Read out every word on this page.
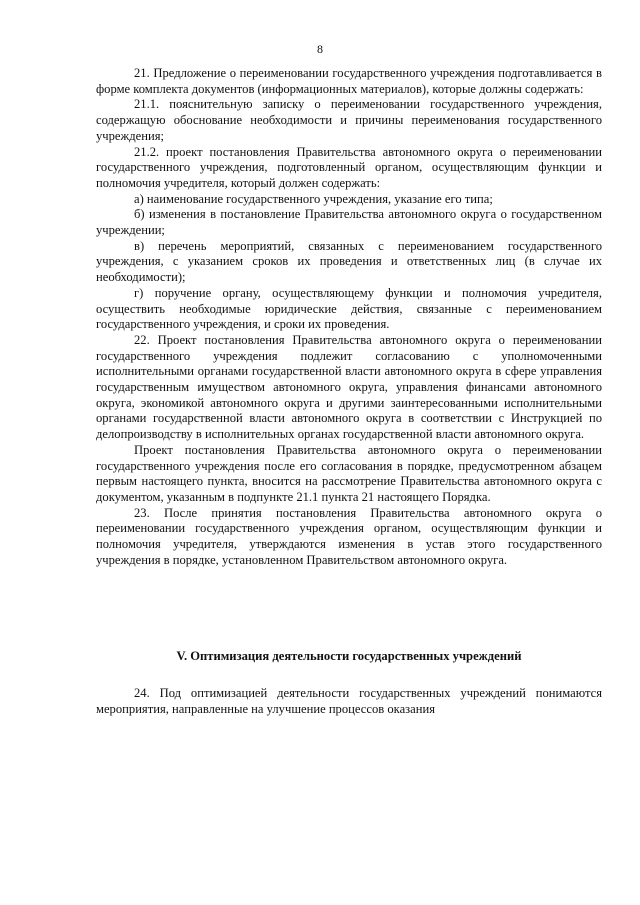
8

21. Предложение о переименовании государственного учреждения подготавливается в форме комплекта документов (информационных материалов), которые должны содержать:

21.1. пояснительную записку о переименовании государственного учреждения, содержащую обоснование необходимости и причины переименования государственного учреждения;

21.2. проект постановления Правительства автономного округа о переименовании государственного учреждения, подготовленный органом, осуществляющим функции и полномочия учредителя, который должен содержать:

а) наименование государственного учреждения, указание его типа;

б) изменения в постановление Правительства автономного округа о государственном учреждении;

в) перечень мероприятий, связанных с переименованием государственного учреждения, с указанием сроков их проведения и ответственных лиц (в случае их необходимости);

г) поручение органу, осуществляющему функции и полномочия учредителя, осуществить необходимые юридические действия, связанные с переименованием государственного учреждения, и сроки их проведения.

22. Проект постановления Правительства автономного округа о переименовании государственного учреждения подлежит согласованию с уполномоченными исполнительными органами государственной власти автономного округа в сфере управления государственным имуществом автономного округа, управления финансами автономного округа, экономикой автономного округа и другими заинтересованными исполнительными органами государственной власти автономного округа в соответствии с Инструкцией по делопроизводству в исполнительных органах государственной власти автономного округа.

Проект постановления Правительства автономного округа о переименовании государственного учреждения после его согласования в порядке, предусмотренном абзацем первым настоящего пункта, вносится на рассмотрение Правительства автономного округа с документом, указанным в подпункте 21.1 пункта 21 настоящего Порядка.

23. После принятия постановления Правительства автономного округа о переименовании государственного учреждения органом, осуществляющим функции и полномочия учредителя, утверждаются изменения в устав этого государственного учреждения в порядке, установленном Правительством автономного округа.

V. Оптимизация деятельности государственных учреждений

24. Под оптимизацией деятельности государственных учреждений понимаются мероприятия, направленные на улучшение процессов оказания
